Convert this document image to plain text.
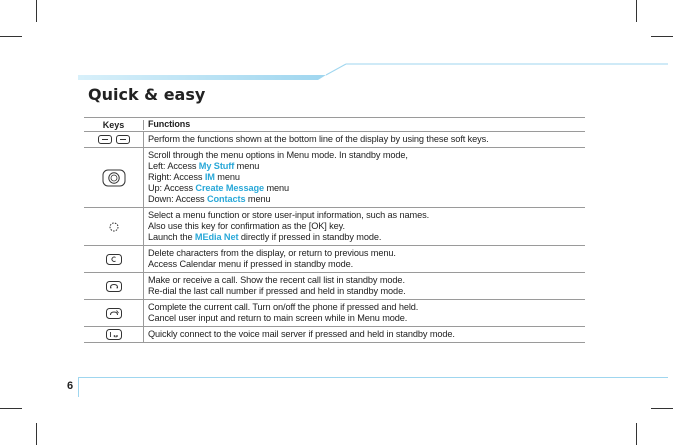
Quick & easy
Keys	Functions
Perform the functions shown at the bottom line of the display by using these soft keys.
Scroll through the menu options in Menu mode. In standby mode,
Left: Access My Stuff menu
Right: Access IM menu
Up: Access Create Message menu
Down: Access Contacts menu
Select a menu function or store user-input information, such as names.
Also use this key for confirmation as the [OK] key.
Launch the MEdia Net directly if pressed in standby mode.
Delete characters from the display, or return to previous menu.
Access Calendar menu if pressed in standby mode.
Make or receive a call. Show the recent call list in standby mode.
Re-dial the last call number if pressed and held in standby mode.
Complete the current call. Turn on/off the phone if pressed and held.
Cancel user input and return to main screen while in Menu mode.
Quickly connect to the voice mail server if pressed and held in standby mode.
6
